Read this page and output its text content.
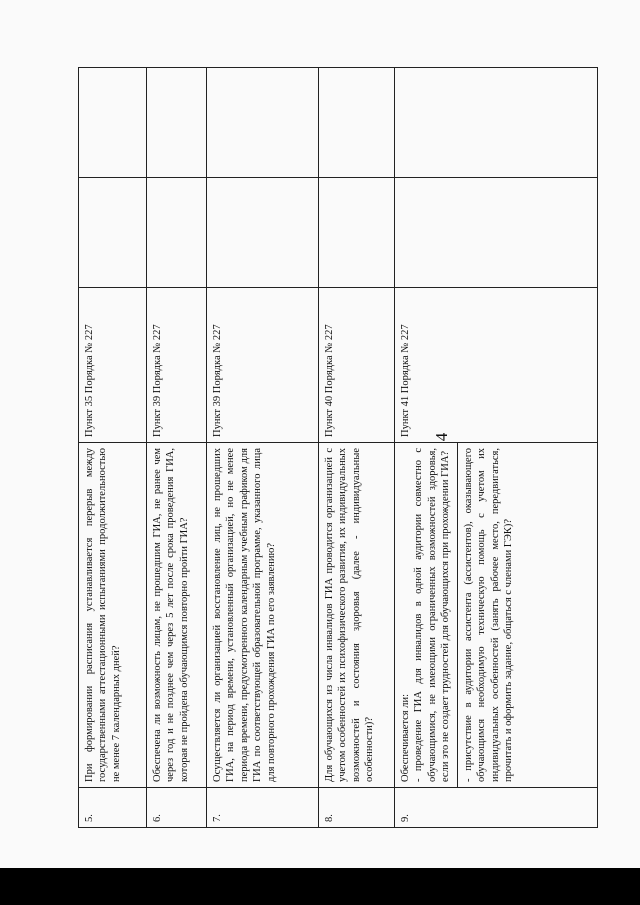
4
5.	При формировании расписания устанавливается перерыв между государственными аттестационными испытаниями продолжительностью не менее 7 календарных дней?	Пункт 35 Порядка № 227		
6.	Обеспечена ли возможность лицам, не прошедшим ГИА, не ранее чем через год и не позднее чем через 5 лет после срока проведения ГИА, которая не пройдена обучающимся повторно пройти ГИА?	Пункт 39 Порядка № 227		
7.	Осуществляется ли организацией восстановление лиц, не прошедших ГИА, на период времени, установленный организацией, но не менее периода времени, предусмотренного календарным учебным графиком для ГИА по соответствующей образовательной программе, указанного лица для повторного прохождения ГИА по его заявлению?	Пункт 39 Порядка № 227		
8.	Для обучающихся из числа инвалидов ГИА проводится организацией с учетом особенностей их психофизического развития, их индивидуальных возможностей и состояния здоровья (далее - индивидуальные особенности)?	Пункт 40 Порядка № 227		
9.	Обеспечивается ли: - проведение ГИА для инвалидов в одной аудитории совместно с обучающимися, не имеющими ограниченных возможностей здоровья, если это не создает трудностей для обучающихся при прохождении ГИА? - присутствие в аудитории ассистента (ассистентов), оказывающего обучающимся необходимую техническую помощь с учетом их индивидуальных особенностей (занять рабочее место, передвигаться, прочитать и оформить задание, общаться с членами ГЭК)?	Пункт 41 Порядка № 227		
